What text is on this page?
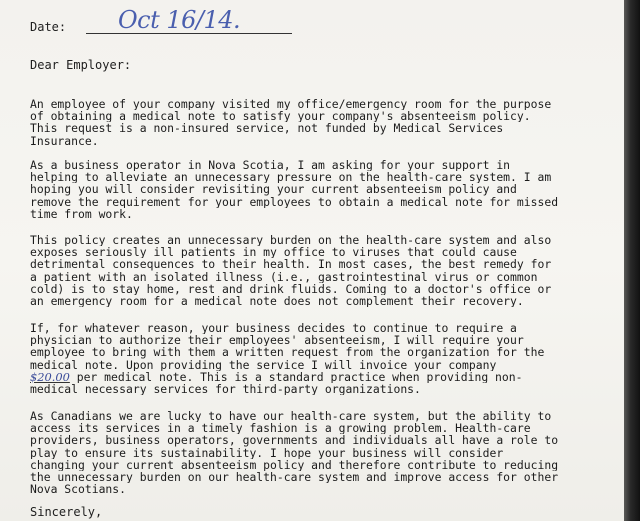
Date: Oct 16/14.
Dear Employer:

An employee of your company visited my office/emergency room for the purpose
of obtaining a medical note to satisfy your company's absenteeism policy.
This request is a non-insured service, not funded by Medical Services
Insurance.

As a business operator in Nova Scotia, I am asking for your support in
helping to alleviate an unnecessary pressure on the health-care system. I am
hoping you will consider revisiting your current absenteeism policy and
remove the requirement for your employees to obtain a medical note for missed
time from work.

This policy creates an unnecessary burden on the health-care system and also
exposes seriously ill patients in my office to viruses that could cause
detrimental consequences to their health. In most cases, the best remedy for
a patient with an isolated illness (i.e., gastrointestinal virus or common
cold) is to stay home, rest and drink fluids. Coming to a doctor's office or
an emergency room for a medical note does not complement their recovery.

If, for whatever reason, your business decides to continue to require a
physician to authorize their employees' absenteeism, I will require your
employee to bring with them a written request from the organization for the
medical note. Upon providing the service I will invoice your company
$20.00 per medical note. This is a standard practice when providing non-
medical necessary services for third-party organizations.

As Canadians we are lucky to have our health-care system, but the ability to
access its services in a timely fashion is a growing problem. Health-care
providers, business operators, governments and individuals all have a role to
play to ensure its sustainability. I hope your business will consider
changing your current absenteeism policy and therefore contribute to reducing
the unnecessary burden on our health-care system and improve access for other
Nova Scotians.

Sincerely,
